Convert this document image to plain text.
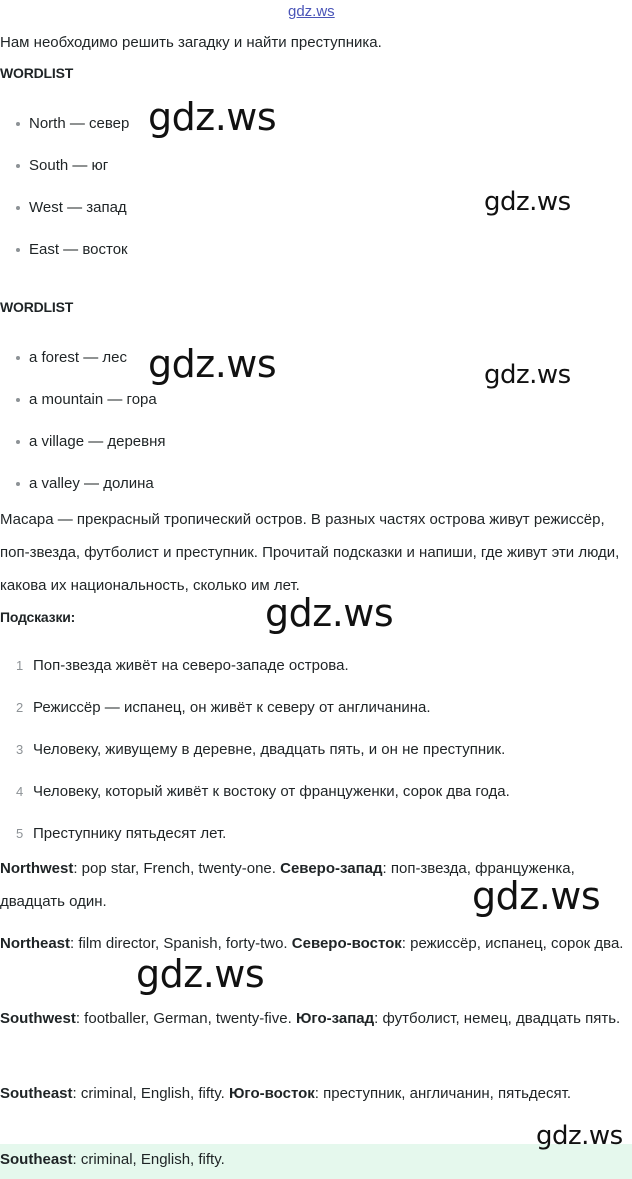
gdz.ws
Нам необходимо решить загадку и найти преступника.
WORDLIST
North — север
South — юг
West — запад
East — восток
WORDLIST
a forest — лес
a mountain — гора
a village — деревня
a valley — долина
Масара — прекрасный тропический остров. В разных частях острова живут режиссёр, поп-звезда, футболист и преступник. Прочитай подсказки и напиши, где живут эти люди, какова их национальность, сколько им лет.
Подсказки:
1 Поп-звезда живёт на северо-западе острова.
2 Режиссёр — испанец, он живёт к северу от англичанина.
3 Человеку, живущему в деревне, двадцать пять, и он не преступник.
4 Человеку, который живёт к востоку от француженки, сорок два года.
5 Преступнику пятьдесят лет.
Northwest: pop star, French, twenty-one. Северо-запад: поп-звезда, француженка, двадцать один.
Northeast: film director, Spanish, forty-two. Северо-восток: режиссёр, испанец, сорок два.
Southwest: footballer, German, twenty-five. Юго-запад: футболист, немец, двадцать пять.
Southeast: criminal, English, fifty. Юго-восток: преступник, англичанин, пятьдесят.
Southeast: criminal, English, fifty.
gdz.ws
gdz.ws
gdz.ws	gdz.ws
gdz.ws
gdz.ws
gdz.ws
gdz.ws
